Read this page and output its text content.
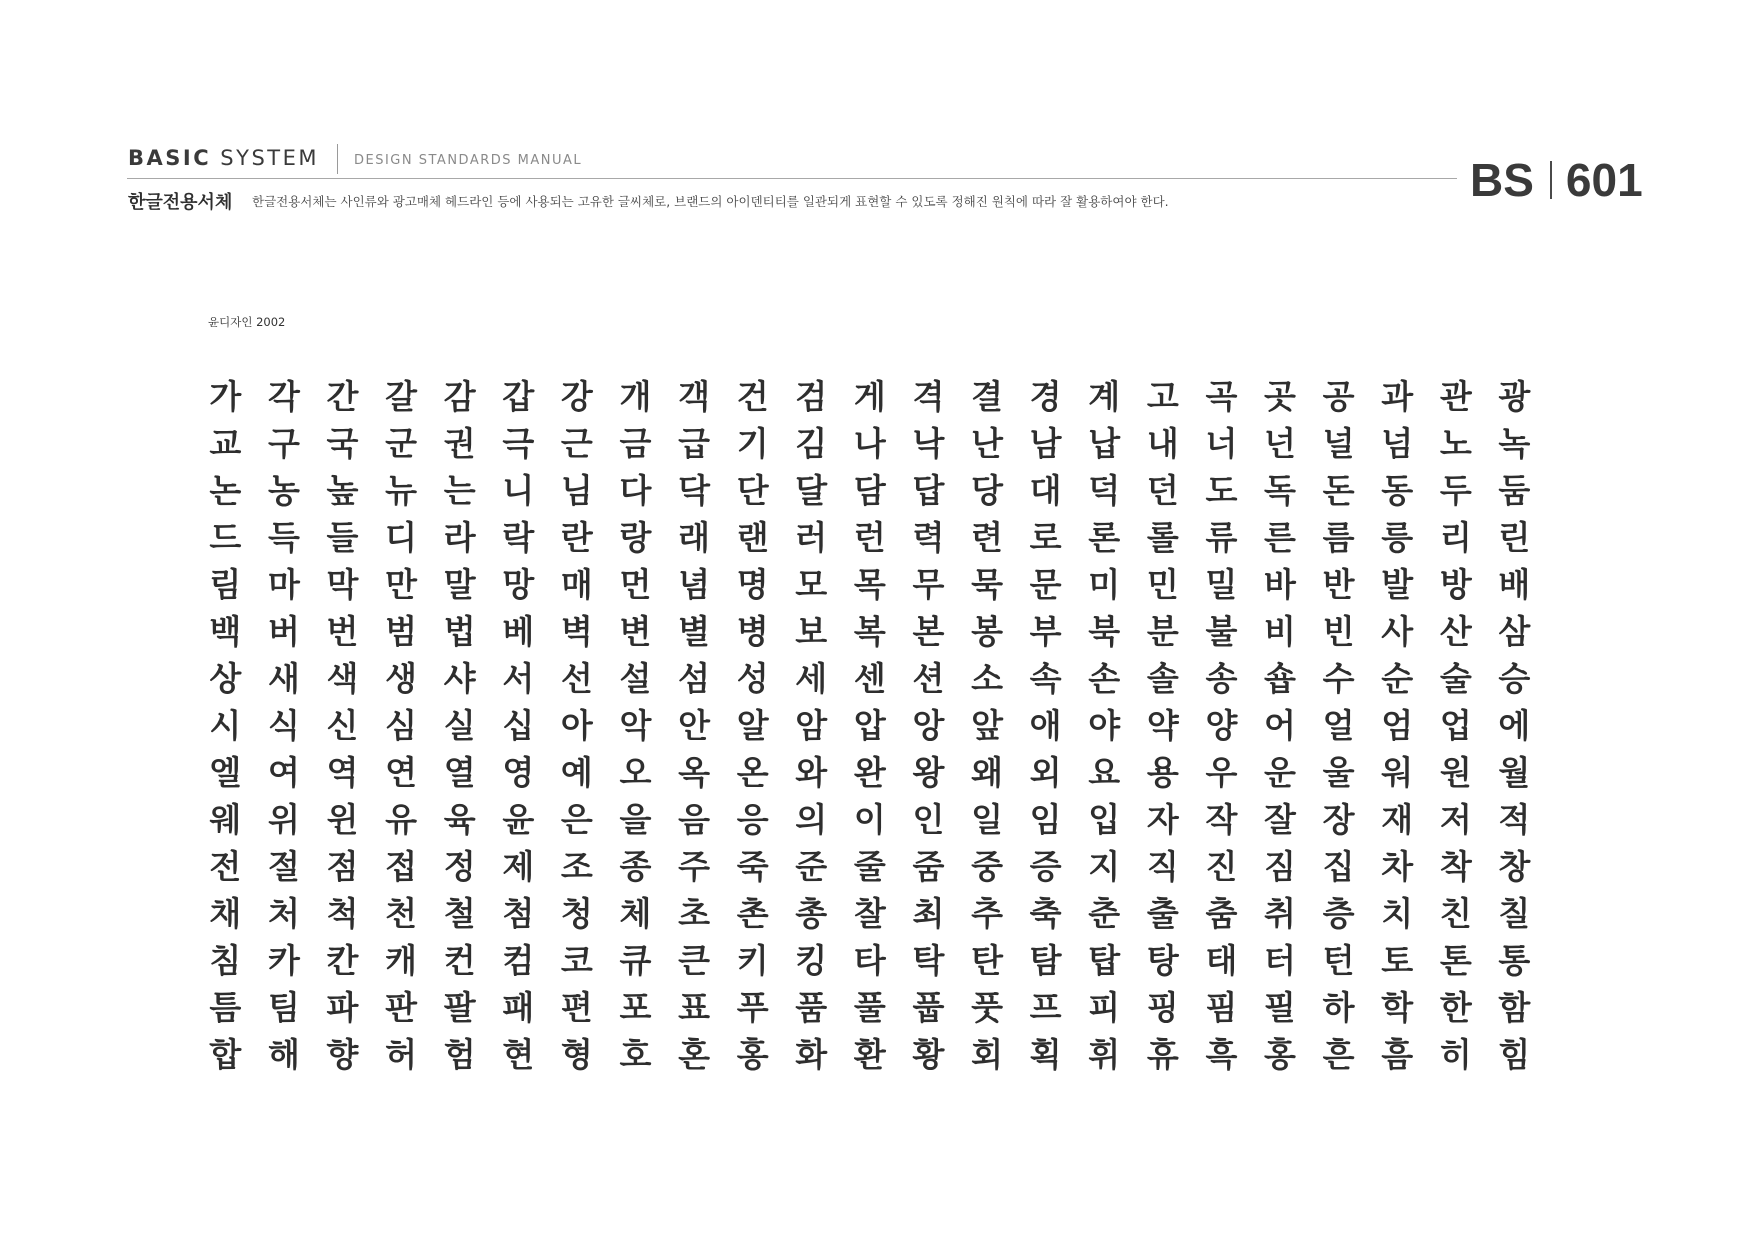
BASIC SYSTEM	DESIGN STANDARDS MANUAL
한글전용서체 한글전용서체는 사인류와 광고매체 헤드라인 등에 사용되는 고유한 글씨체로, 브랜드의 아이덴티티를 일관되게 표현할 수 있도록 정해진 원칙에 따라 잘 활용하여야 한다.	BS 601
윤디자인 2002
가 각 간 갈 감 갑 강 개 객 건 검 게 격 결 경 계 고 곡 곳 공 과 관 광
교 구 국 군 권 극 근 금 급 기 김 나 낙 난 남 납 내 너 넌 널 넘 노 녹
논 농 높 뉴 는 니 님 다 닥 단 달 담 답 당 대 덕 던 도 독 돈 동 두 둠
드 득 들 디 라 락 란 랑 래 랜 러 런 력 련 로 론 롤 류 른 름 릉 리 린
림 마 막 만 말 망 매 먼 념 명 모 목 무 묵 문 미 민 밀 바 반 발 방 배
백 버 번 범 법 베 벽 변 별 병 보 복 본 봉 부 북 분 불 비 빈 사 산 삼
상 새 색 생 샤 서 선 설 섬 성 세 센 션 소 속 손 솔 송 숍 수 순 술 승
시 식 신 심 실 십 아 악 안 알 암 압 앙 앞 애 야 약 양 어 얼 엄 업 에
엘 여 역 연 열 영 예 오 옥 온 와 완 왕 왜 외 요 용 우 운 울 워 원 월
웨 위 윈 유 육 윤 은 을 음 응 의 이 인 일 임 입 자 작 잘 장 재 저 적
전 절 점 접 정 제 조 종 주 죽 준 줄 줌 중 증 지 직 진 짐 집 차 착 창
채 처 척 천 철 첨 청 체 초 촌 총 찰 최 추 축 춘 출 춤 취 층 치 친 칠
침 카 칸 캐 컨 컴 코 큐 큰 키 킹 타 탁 탄 탐 탑 탕 태 터 턴 토 톤 통
틈 팀 파 판 팔 패 편 포 표 푸 품 풀 풉 풋 프 피 핑 핌 필 하 학 한 함
합 해 향 허 험 현 형 호 혼 홍 화 환 황 회 획 휘 휴 흑 홍 흔 흠 히 힘
